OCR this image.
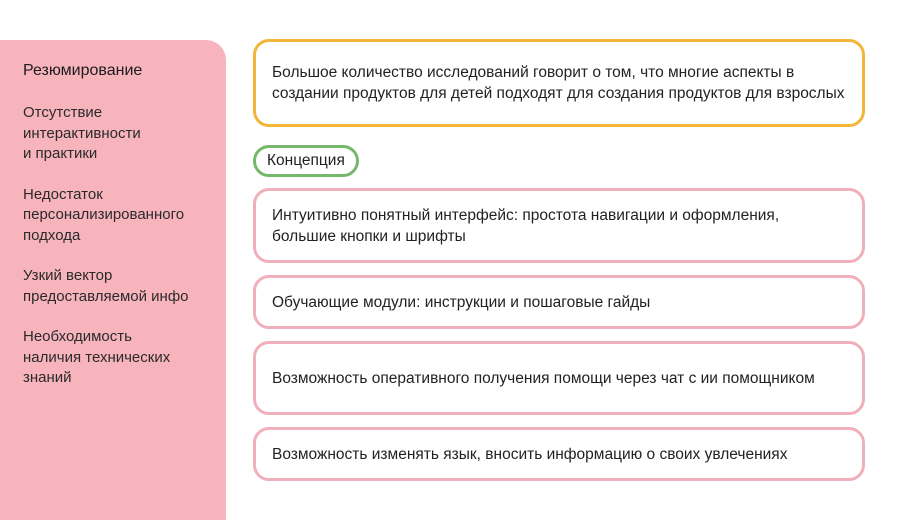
Резюмирование
Отсутствие
интерактивности
и практики
Недостаток
персонализированного
подхода
Узкий вектор
предоставляемой инфо
Необходимость
наличия технических
знаний
Большое количество исследований говорит о том, что многие аспекты в создании продуктов для детей подходят для создания продуктов для взрослых
Концепция
Интуитивно понятный интерфейс: простота навигации и оформления, большие кнопки и шрифты
Обучающие модули: инструкции и пошаговые гайды
Возможность оперативного получения помощи через чат с ии помощником
Возможность изменять язык, вносить информацию о своих увлечениях
